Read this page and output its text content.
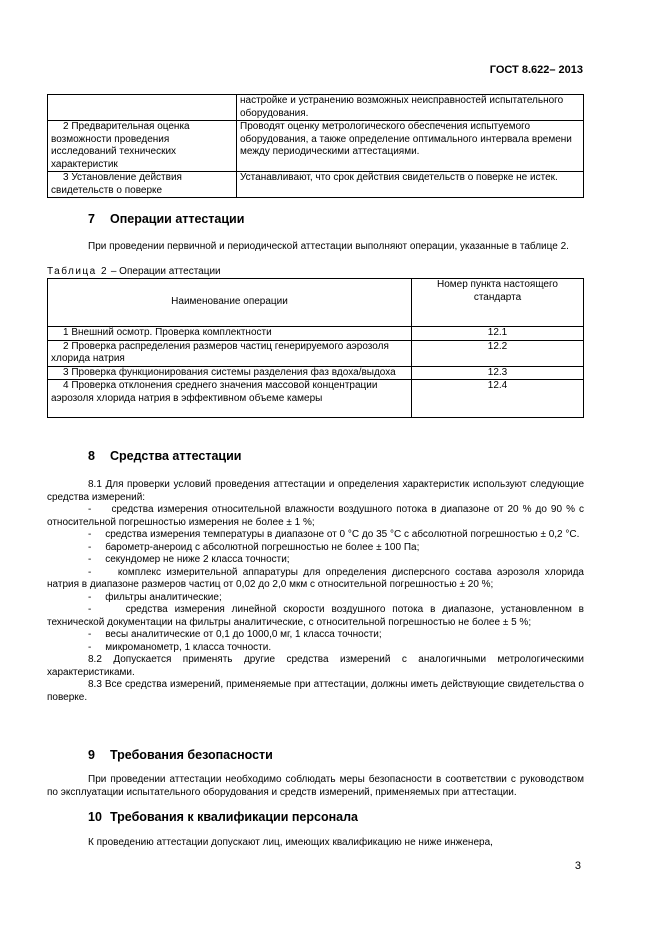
ГОСТ 8.622– 2013
	настройке и устранению возможных неисправностей испытательного оборудования.

2 Предварительная оценка возможности проведения исследований технических характеристик	Проводят оценку метрологического обеспечения испытуемого оборудования, а также определение оптимального интервала времени между периодическими аттестациями.

3 Установление действия свидетельств о поверке	Устанавливают, что срок действия свидетельств о поверке не истек.
7 Операции аттестации
При проведении первичной и периодической аттестации выполняют операции, указанные в таблице 2.
Таблица 2 – Операции аттестации
Наименование операции	Номер пункта настоящего стандарта
1 Внешний осмотр. Проверка комплектности	12.1
2 Проверка распределения размеров частиц генерируемого аэрозоля хлорида натрия	12.2
3 Проверка функционирования системы разделения фаз вдоха/выдоха	12.3
4 Проверка отклонения среднего значения массовой концентрации аэрозоля хлорида натрия в эффективном объеме камеры	12.4
8 Средства аттестации
8.1 Для проверки условий проведения аттестации и определения характеристик используют следующие средства измерений:
-     средства измерения относительной влажности воздушного потока в диапазоне от 20 % до 90 % с относительной погрешностью измерения не более ± 1 %;
-     средства измерения температуры в диапазоне от 0 °С до 35 °С с абсолютной погрешностью ± 0,2 °С.
-     барометр-анероид с абсолютной погрешностью не более ± 100 Па;
-     секундомер не ниже 2 класса точности;
-     комплекс измерительной аппаратуры для определения дисперсного состава аэрозоля хлорида натрия в диапазоне размеров частиц от 0,02 до 2,0 мкм с относительной погрешностью ± 20 %;
-     фильтры аналитические;
-     средства измерения линейной скорости воздушного потока в диапазоне, установленном в технической документации на фильтры аналитические, с относительной погрешностью не более ± 5 %;
-     весы аналитические от 0,1 до 1000,0 мг, 1 класса точности;
-     микроманометр, 1 класса точности.
8.2 Допускается применять другие средства измерений с аналогичными метрологическими характеристиками.
8.3 Все средства измерений, применяемые при аттестации, должны иметь действующие свидетельства о поверке.
9 Требования безопасности
При проведении аттестации необходимо соблюдать меры безопасности в соответствии с руководством по эксплуатации испытательного оборудования и средств измерений, применяемых при аттестации.
10 Требования к квалификации персонала
К проведению аттестации допускают лиц, имеющих квалификацию не ниже инженера,
3
